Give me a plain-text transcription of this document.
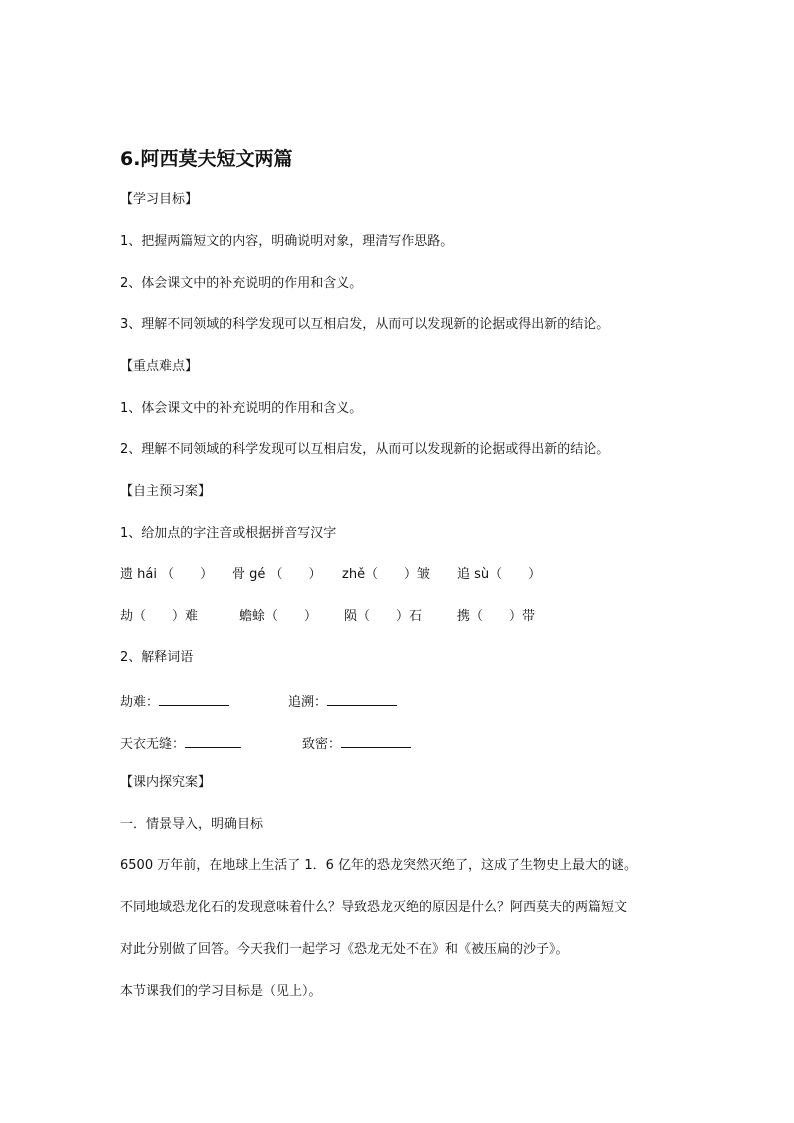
6.阿西莫夫短文两篇
【学习目标】
1、把握两篇短文的内容，明确说明对象，理清写作思路。
2、体会课文中的补充说明的作用和含义。
3、理解不同领域的科学发现可以互相启发，从而可以发现新的论据或得出新的结论。
【重点难点】
1、体会课文中的补充说明的作用和含义。
2、理解不同领域的科学发现可以互相启发，从而可以发现新的论据或得出新的结论。
【自主预习案】
1、给加点的字注音或根据拼音写汉字
遗 hái （　　） 骨 gé （　　） zhě（　　）皱 追 sù（　　）
劫（　　）难	蟾蜍（　　） 陨（　　）石	携（　　）带
2、解释词语
劫难：	追溯：
天衣无缝：	致密：
【课内探究案】
一．情景导入，明确目标
6500 万年前，在地球上生活了 1．6 亿年的恐龙突然灭绝了，这成了生物史上最大的谜。
不同地域恐龙化石的发现意味着什么？导致恐龙灭绝的原因是什么？阿西莫夫的两篇短文
对此分别做了回答。今天我们一起学习《恐龙无处不在》和《被压扁的沙子》。
本节课我们的学习目标是（见上）。
